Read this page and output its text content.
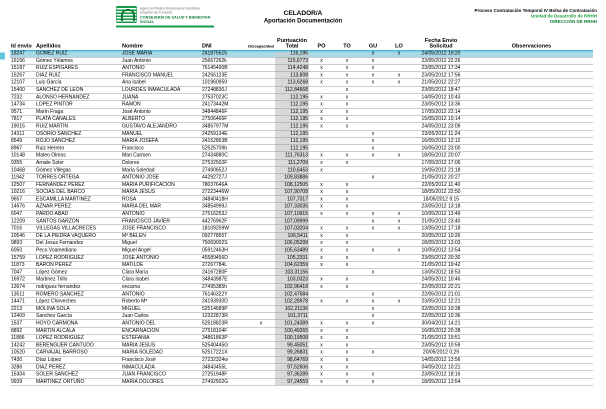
Agencia Pública Empresarial Sanitaria
Hospital de Poniente
CONSEJERÍA DE SALUD Y BIENESTAR SOCIAL
CELADOR/A
Aportación Documentación
Proceso Contratación Temporal IV Bolsa de Contratación
Unidad de Desarrollo de RRHH
DIRECCIÓN DE RRHH
Id envio	Apellidos	Nombre	DNI	Discapacidad	Puntuación Total	PO	TO	GU	LO	Fecha Envío Solicitud	Observaciones
18247	GOMEZ RUIZ	JOSE MARIA	241875515		116,195			x	x	24/05/2012 19:20	
16156	Gómez Yélamos	Juan Antonio	25667262k		115,6773	x	x	x		23/05/2012 22:26	
15187	RUIZ ESPIGARES	ANTONIO	76145490B		114,4248	x	x	x		23/05/2012 17:34	
15267	DIAZ RUIZ	FRANCISCO MANUEL	24256123E		113,808	x	x	x	x	23/05/2012 17:56	
12107	Luis García	Ana Isabel	101960959		113,6268	x	x	x	x	21/05/2012 22:27	
15400	SANCHEZ DE LEON	LOURDES INMACULADA	27248830J		112,84668		x			23/05/2012 18:47	
7232	ALONSO HERNANDEZ	JUANA	27537023C		112,195	x	x			14/05/2012 10:43	
14734	LOPEZ PINTOR	RAMON	24173442M		112,195	x	x			23/05/2012 13:36	
9571	Marín Fraga	José Antonio	34844846F		112,195	x	x			17/05/2012 22:14	
7817	PLATA CANALES	ALBERTO	27506466F		112,195	x	x			15/05/2012 10:14	
19015	RUIZ MARTIN	GUSTAVO ALEJANDRO	34857977M		112,195	x	x			24/05/2012 23:09	
14311	OSORIO SANCHEZ	MANUEL	24259134E		112,195			x		23/05/2012 11:24	
8549	ROJO SÁNCHEZ	MARIA JOSEFA	24152863B		112,195			x		16/05/2012 12:12	
8967	Ruiz Herrero	Francisco	52525709b		112,195			x		16/05/2012 23:00	
10148	Mateo Olmos	Mari Carmen	27434880C		111,76313	x	x	x	x	18/05/2012 20:07	
9355	Arnate Soler	Dolores	27532502F		111,2709	x	x			17/05/2012 17:06	
10468	Gómez Villegas	María Soledad	27490652J		110,6453	x				19/05/2012 21:18	
11942	TORRES ORTEGA	ANTONIO JOSE	44292727J		109,83886			x		21/05/2012 20:27	
12507	FERNÁNDEZ PÉREZ	MARIA PURIFICACIÓN	78037646A		108,12505	x	x			22/05/2012 11:40	
10216	SOCIAS DEL BARCO	MARIA JESUS	27223446W		107,90708	x	x			18/05/2012 22:50	
9657	ESCAMILLA MARTINEZ	ROSA	34840418H		107,7317	x	x			18/05/2012 9:15	
14676	AZNAR PEREZ	MARIA DEL MAR	34854999J		107,33035	x	x			23/05/2012 13:18	
6047	PARDO ABAD	ANTONIO	27516253J		107,10915	x	x	x	x	10/05/2012 13:49	
12209	SANTOS GARZON	FRANCISCO JAVIER	44276962F		107,09999			x	x	21/05/2012 23:40	
7016	VILLEGAS VILLACRECES	JOSE FRANCISCO	18109259W		107,03204	x	x	x	x	13/05/2012 17:18	
10546	DE LA PIEDRA VAQUERO	Mª BELEN	09277855T		106,5411	x	x			20/05/2012 10:26	
9893	Del Jesus Fernandez	Miguel	75069002S		106,05299	x	x			18/05/2012 13:03	
6050	Peco Voamediano	Miguel Angel	05912463H		105,63489	x	x	x	x	10/05/2012 13:54	
15759	LOPEZ RODRIGUEZ	JOSE ANTONIO	45589456D		105,2331	x	x			23/05/2012 20:30	
11873	BARON PEREZ	MATILDE	27267784L		104,62359	x	x			21/05/2012 19:42	
7047	López Gómez	Clara María	24167280F		103,31156			x		13/05/2012 18:53	
16972	Martínez Trillo	Clara Isabel	34843987E		103,0323	x	x			24/05/2012 10:46	
13674	rodriguez fernandez	encarna	27495385h		102,96418	x	x			22/05/2012 22:21	
13511	ROMERO SANCHEZ	ANTONIO	76146322Y		102,47584			x		22/05/2012 21:01	
14471	López Chirveches	Roberto Mª	24193930D		102,28978	x	x	x	x	23/05/2012 12:21	
2213	MOLINA SOLA	MIGUEL	52514689P		102,21136			x		02/05/2012 10:38	
12409	Sanchez García	Juan Carlos	12322873R		101,3711			x		22/05/2012 10:36	
1537	HOYO CARMONA	ANTONIO DEL	52518823R	x	101,24389	x	x	x		30/04/2012 14:21	
8892	MARTIN ALCALA	ENCARNACION	27518104F		100,49265	x	x			16/05/2012 20:38	
11886	LOPEZ RODRIGUEZ	ESTEFANIA	34861863P		100,19508	x	x			21/05/2012 19:51	
14242	BERENGUER CANTUDO	MARÍA JESÚS	52540445G		99,45051	x	x			23/05/2012 10:59	
10520	CARVAJAL BARROSO	MARIA SOLEDAD	52517221X		99,26831	x	x	x		20/05/2012 0:29	
7430	Díaz López	Francisco José	27232324w		98,64769	x	x			14/05/2012 13:56	
3286	DIAZ PEREZ	INMACULADA	34843455L		97,52606	x	x			04/05/2012 10:21	
15304	SOLER SANCHEZ	JUAN FRANCISCO	27251948F		97,36289	x	x	x		23/05/2012 18:16	
9939	MARTINEZ ORTUÑO	MARIA DOLORES	27492502G		97,24559	x	x	x		18/05/2012 13:54	
